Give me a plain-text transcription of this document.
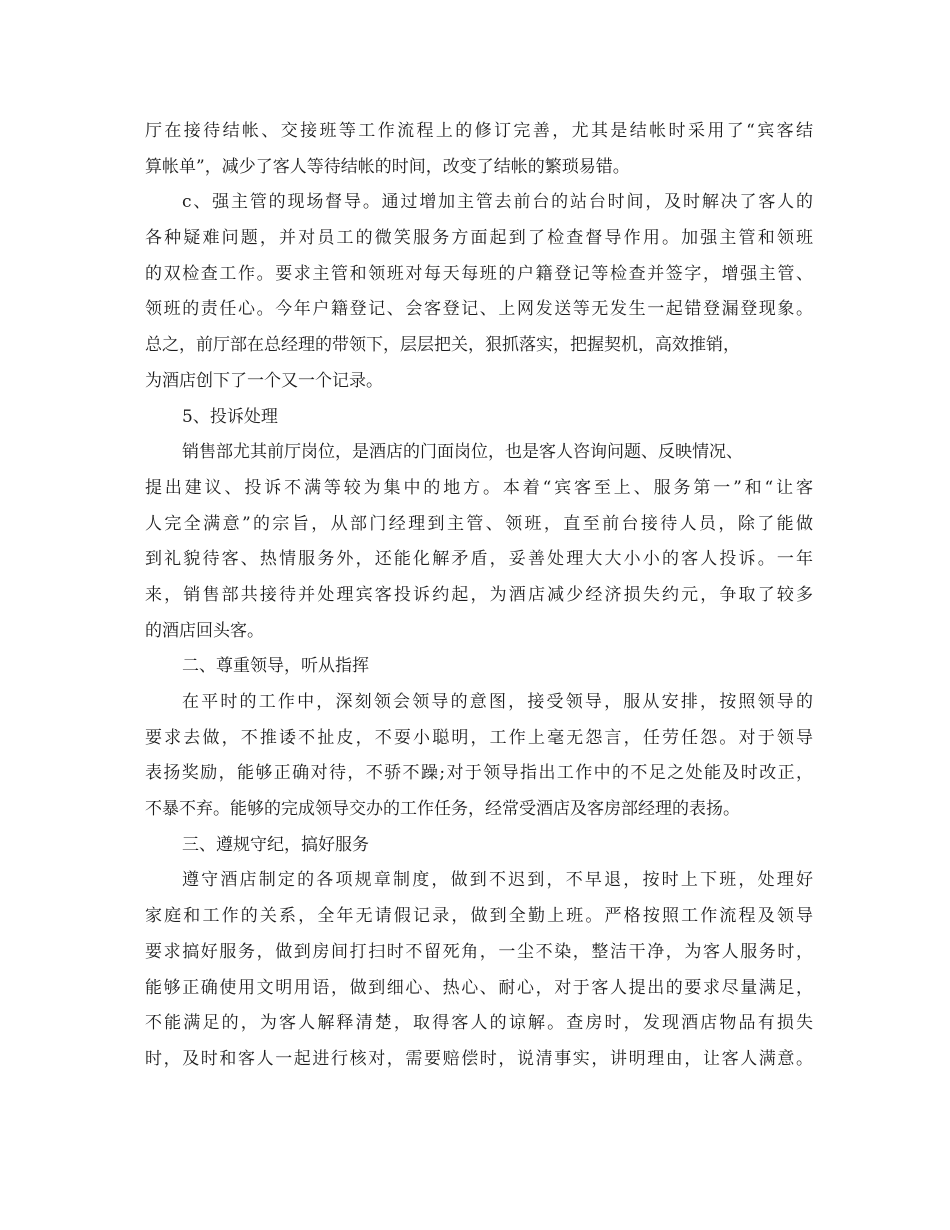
厅在接待结帐、交接班等工作流程上的修订完善，尤其是结帐时采用了“宾客结
算帐单”，减少了客人等待结帐的时间，改变了结帐的繁琐易错。
c、强主管的现场督导。通过增加主管去前台的站台时间，及时解决了客人的
各种疑难问题，并对员工的微笑服务方面起到了检查督导作用。加强主管和领班
的双检查工作。要求主管和领班对每天每班的户籍登记等检查并签字，增强主管、
领班的责任心。今年户籍登记、会客登记、上网发送等无发生一起错登漏登现象。
总之，前厅部在总经理的带领下，层层把关，狠抓落实，把握契机，高效推销，
为酒店创下了一个又一个记录。
5、投诉处理
销售部尤其前厅岗位，是酒店的门面岗位，也是客人咨询问题、反映情况、
提出建议、投诉不满等较为集中的地方。本着“宾客至上、服务第一”和“让客
人完全满意”的宗旨，从部门经理到主管、领班，直至前台接待人员，除了能做
到礼貌待客、热情服务外，还能化解矛盾，妥善处理大大小小的客人投诉。一年
来，销售部共接待并处理宾客投诉约起，为酒店减少经济损失约元，争取了较多
的酒店回头客。
二、尊重领导，听从指挥
在平时的工作中，深刻领会领导的意图，接受领导，服从安排，按照领导的
要求去做，不推诿不扯皮，不耍小聪明，工作上毫无怨言，任劳任怨。对于领导
表扬奖励，能够正确对待，不骄不躁;对于领导指出工作中的不足之处能及时改正，
不暴不弃。能够的完成领导交办的工作任务，经常受酒店及客房部经理的表扬。
三、遵规守纪，搞好服务
遵守酒店制定的各项规章制度，做到不迟到，不早退，按时上下班，处理好
家庭和工作的关系，全年无请假记录，做到全勤上班。严格按照工作流程及领导
要求搞好服务，做到房间打扫时不留死角，一尘不染，整洁干净，为客人服务时，
能够正确使用文明用语，做到细心、热心、耐心，对于客人提出的要求尽量满足，
不能满足的，为客人解释清楚，取得客人的谅解。查房时，发现酒店物品有损失
时，及时和客人一起进行核对，需要赔偿时，说清事实，讲明理由，让客人满意。
